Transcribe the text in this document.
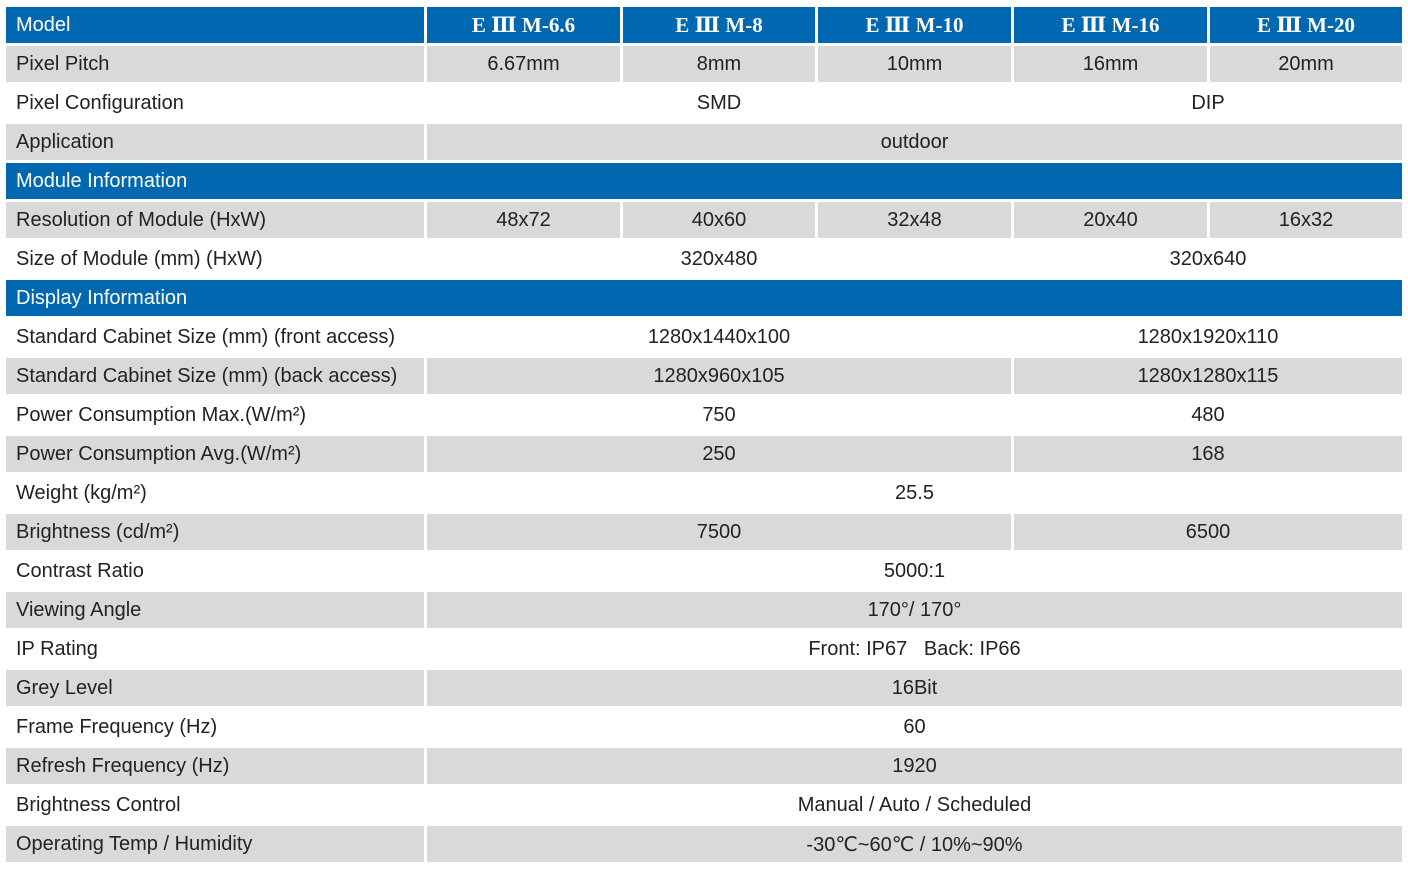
Model	E Ⅲ M-6.6	E Ⅲ M-8	E Ⅲ M-10	E Ⅲ M-16	E Ⅲ M-20
Pixel Pitch	6.67mm	8mm	10mm	16mm	20mm
Pixel Configuration	SMD			DIP	
Application	outdoor				
Module Information					
Resolution of Module (HxW)	48x72	40x60	32x48	20x40	16x32
Size of Module (mm) (HxW)	320x480			320x640	
Display Information					
Standard Cabinet Size (mm) (front access)	1280x1440x100			1280x1920x110	
Standard Cabinet Size (mm) (back access)	1280x960x105			1280x1280x115	
Power Consumption Max.(W/m²)	750			480	
Power Consumption Avg.(W/m²)	250			168	
Weight (kg/m²)	25.5				
Brightness (cd/m²)	7500			6500	
Contrast Ratio	5000:1				
Viewing Angle	170°/ 170°				
IP Rating	Front: IP67   Back: IP66				
Grey Level	16Bit				
Frame Frequency (Hz)	60				
Refresh Frequency (Hz)	1920				
Brightness Control	Manual / Auto / Scheduled				
Operating Temp / Humidity	-30℃~60℃ / 10%~90%				
